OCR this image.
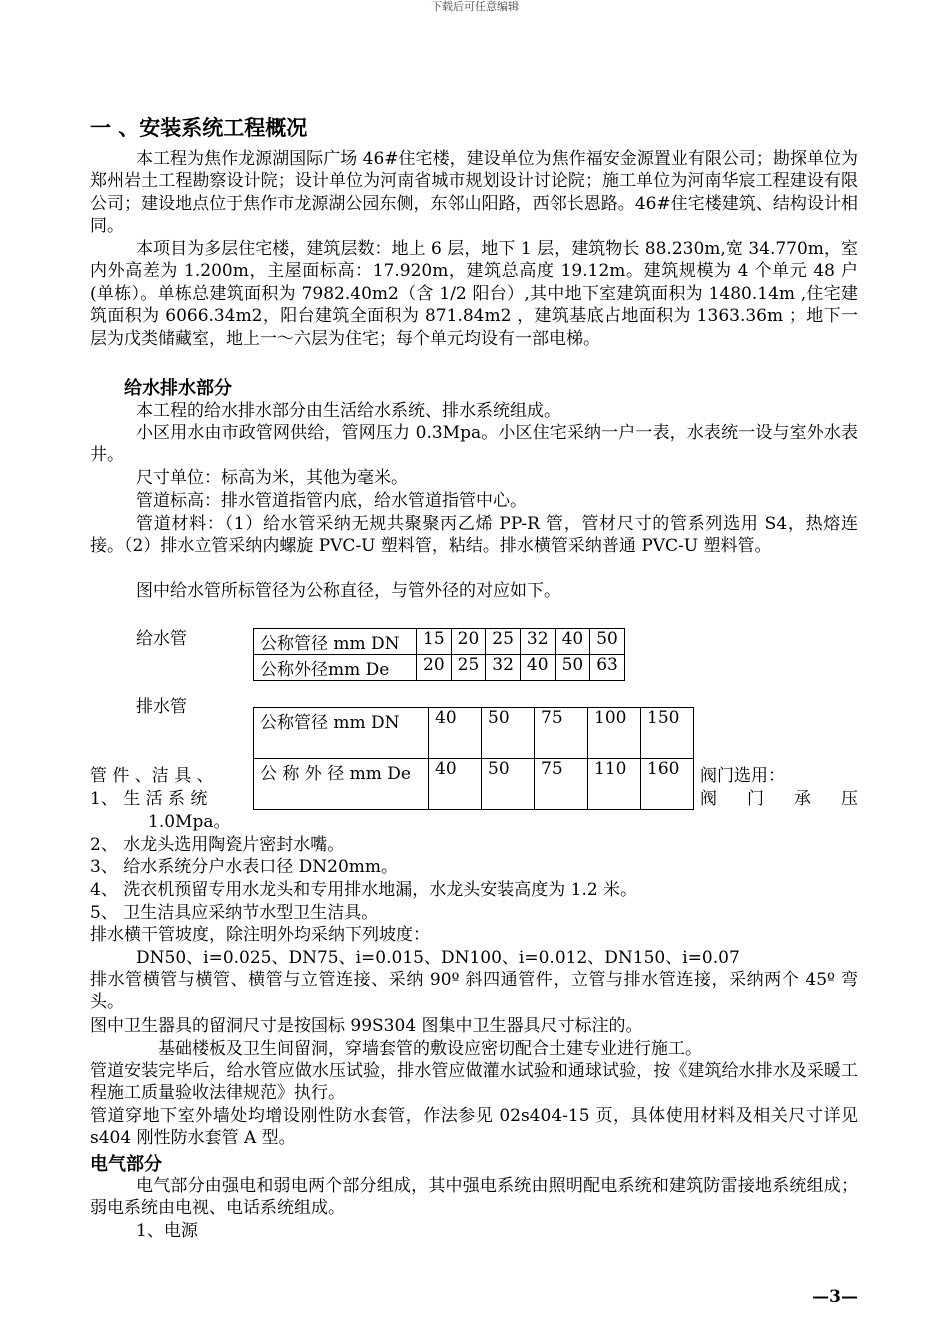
下载后可任意编辑
一 、安装系统工程概况
本工程为焦作龙源湖国际广场 46#住宅楼，建设单位为焦作福安金源置业有限公司；勘探单位为郑州岩土工程勘察设计院；设计单位为河南省城市规划设计讨论院；施工单位为河南华宸工程建设有限公司；建设地点位于焦作市龙源湖公园东侧，东邻山阳路，西邻长恩路。46#住宅楼建筑、结构设计相同。
本项目为多层住宅楼，建筑层数：地上 6 层，地下 1 层，建筑物长 88.230m,宽 34.770m，室内外高差为 1.200m，主屋面标高：17.920m，建筑总高度 19.12m。建筑规模为 4 个单元 48 户(单栋）。单栋总建筑面积为 7982.40m2（含 1/2 阳台）,其中地下室建筑面积为 1480.14m ,住宅建筑面积为 6066.34m2，阳台建筑全面积为 871.84m2 ，建筑基底占地面积为 1363.36m ；地下一层为戊类储藏室，地上一～六层为住宅；每个单元均设有一部电梯。
给水排水部分
本工程的给水排水部分由生活给水系统、排水系统组成。
小区用水由市政管网供给，管网压力 0.3Mpa。小区住宅采纳一户一表，水表统一设与室外水表井。
尺寸单位：标高为米，其他为毫米。
管道标高：排水管道指管内底，给水管道指管中心。
管道材料：（1）给水管采纳无规共聚聚丙乙烯 PP-R 管，管材尺寸的管系列选用 S4，热熔连接。（2）排水立管采纳内螺旋 PVC-U 塑料管，粘结。排水横管采纳普通 PVC-U 塑料管。
图中给水管所标管径为公称直径，与管外径的对应如下。
给水管	公称管径 mm DN	15	20	25	32	40	50
公称外径mm De	20	25	32	40	50	63
排水管
公称管径 mm DN	40	50	75	100	150
公 称 外 径 mm De	40	50	75	110	160
管 件 、洁 具 、	阀门选用：
1、 生 活 系 统	阀 门 承 压
1.0Mpa。
2、 水龙头选用陶瓷片密封水嘴。
3、 给水系统分户水表口径 DN20mm。
4、 洗衣机预留专用水龙头和专用排水地漏，水龙头安装高度为 1.2 米。
5、 卫生洁具应采纳节水型卫生洁具。
排水横干管坡度，除注明外均采纳下列坡度：
DN50、i=0.025、DN75、i=0.015、DN100、i=0.012、DN150、i=0.07
排水管横管与横管、横管与立管连接、采纳 90º 斜四通管件，立管与排水管连接，采纳两个 45º 弯头。
图中卫生器具的留洞尺寸是按国标 99S304 图集中卫生器具尺寸标注的。
基础楼板及卫生间留洞，穿墙套管的敷设应密切配合土建专业进行施工。
管道安装完毕后，给水管应做水压试验，排水管应做灌水试验和通球试验，按《建筑给水排水及采暖工程施工质量验收法律规范》执行。
管道穿地下室外墙处均增设刚性防水套管，作法参见 02s404-15 页，具体使用材料及相关尺寸详见 s404 刚性防水套管 A 型。
电气部分
电气部分由强电和弱电两个部分组成，其中强电系统由照明配电系统和建筑防雷接地系统组成；弱电系统由电视、电话系统组成。
1、电源
—3—
